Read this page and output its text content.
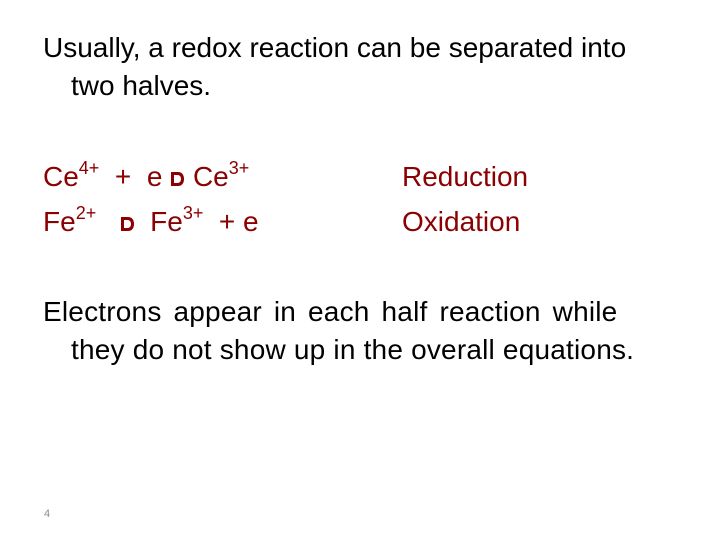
Usually, a redox reaction can be separated into
two halves.
$Ce^{4+} + e$ $Ce^{3+}$	Reduction
$Fe^{2+}$ $Fe^{3+} + e$	Oxidation
Electrons appear in each half reaction while
they do not show up in the overall equations.
4
